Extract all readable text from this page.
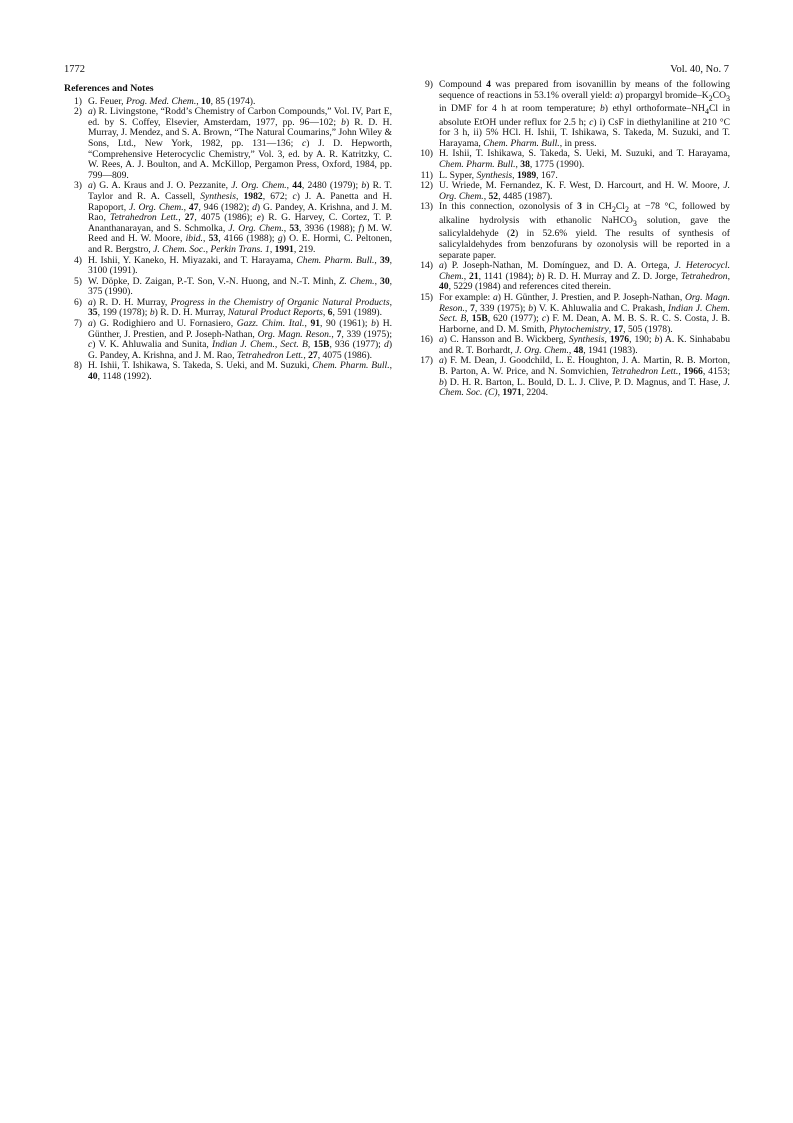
1772	Vol. 40, No. 7
References and Notes
1) G. Feuer, Prog. Med. Chem., 10, 85 (1974).
2) a) R. Livingstone, “Rodd’s Chemistry of Carbon Compounds,” Vol. IV, Part E, ed. by S. Coffey, Elsevier, Amsterdam, 1977, pp. 96—102; b) R. D. H. Murray, J. Mendez, and S. A. Brown, “The Natural Coumarins,” John Wiley & Sons, Ltd., New York, 1982, pp. 131—136; c) J. D. Hepworth, “Comprehensive Heterocyclic Chemistry,” Vol. 3, ed. by A. R. Katritzky, C. W. Rees, A. J. Boulton, and A. McKillop, Pergamon Press, Oxford, 1984, pp. 799—809.
3) a) G. A. Kraus and J. O. Pezzanite, J. Org. Chem., 44, 2480 (1979); b) R. T. Taylor and R. A. Cassell, Synthesis, 1982, 672; c) J. A. Panetta and H. Rapoport, J. Org. Chem., 47, 946 (1982); d) G. Pandey, A. Krishna, and J. M. Rao, Tetrahedron Lett., 27, 4075 (1986); e) R. G. Harvey, C. Cortez, T. P. Ananthanarayan, and S. Schmolka, J. Org. Chem., 53, 3936 (1988); f) M. W. Reed and H. W. Moore, ibid., 53, 4166 (1988); g) O. E. Hormi, C. Peltonen, and R. Bergstro, J. Chem. Soc., Perkin Trans. 1, 1991, 219.
4) H. Ishii, Y. Kaneko, H. Miyazaki, and T. Harayama, Chem. Pharm. Bull., 39, 3100 (1991).
5) W. Döpke, D. Zaigan, P.-T. Son, V.-N. Huong, and N.-T. Minh, Z. Chem., 30, 375 (1990).
6) a) R. D. H. Murray, Progress in the Chemistry of Organic Natural Products, 35, 199 (1978); b) R. D. H. Murray, Natural Product Reports, 6, 591 (1989).
7) a) G. Rodighiero and U. Fornasiero, Gazz. Chim. Ital., 91, 90 (1961); b) H. Günther, J. Prestien, and P. Joseph-Nathan, Org. Magn. Reson., 7, 339 (1975); c) V. K. Ahluwalia and Sunita, Indian J. Chem., Sect. B, 15B, 936 (1977); d) G. Pandey, A. Krishna, and J. M. Rao, Tetrahedron Lett., 27, 4075 (1986).
8) H. Ishii, T. Ishikawa, S. Takeda, S. Ueki, and M. Suzuki, Chem. Pharm. Bull., 40, 1148 (1992).
9) Compound 4 was prepared from isovanillin by means of the following sequence of reactions in 53.1% overall yield: a) propargyl bromide–$K_2CO_3$ in DMF for 4 h at room temperature; b) ethyl orthoformate–$NH_4Cl$ in absolute EtOH under reflux for 2.5 h; c) i) CsF in diethylaniline at 210 °C for 3 h, ii) 5% HCl. H. Ishii, T. Ishikawa, S. Takeda, M. Suzuki, and T. Harayama, Chem. Pharm. Bull., in press.
10) H. Ishii, T. Ishikawa, S. Takeda, S. Ueki, M. Suzuki, and T. Harayama, Chem. Pharm. Bull., 38, 1775 (1990).
11) L. Syper, Synthesis, 1989, 167.
12) U. Wriede, M. Fernandez, K. F. West, D. Harcourt, and H. W. Moore, J. Org. Chem., 52, 4485 (1987).
13) In this connection, ozonolysis of 3 in $CH_2Cl_2$ at −78 °C, followed by alkaline hydrolysis with ethanolic NaHCO$_3$ solution, gave the salicylaldehyde (2) in 52.6% yield. The results of synthesis of salicylaldehydes from benzofurans by ozonolysis will be reported in a separate paper.
14) a) P. Joseph-Nathan, M. Domínguez, and D. A. Ortega, J. Heterocycl. Chem., 21, 1141 (1984); b) R. D. H. Murray and Z. D. Jorge, Tetrahedron, 40, 5229 (1984) and references cited therein.
15) For example: a) H. Günther, J. Prestien, and P. Joseph-Nathan, Org. Magn. Reson., 7, 339 (1975); b) V. K. Ahluwalia and C. Prakash, Indian J. Chem. Sect. B, 15B, 620 (1977); c) F. M. Dean, A. M. B. S. R. C. S. Costa, J. B. Harborne, and D. M. Smith, Phytochemistry, 17, 505 (1978).
16) a) C. Hansson and B. Wickberg, Synthesis, 1976, 190; b) A. K. Sinhababu and R. T. Borhardt, J. Org. Chem., 48, 1941 (1983).
17) a) F. M. Dean, J. Goodchild, L. E. Houghton, J. A. Martin, R. B. Morton, B. Parton, A. W. Price, and N. Somvichien, Tetrahedron Lett., 1966, 4153; b) D. H. R. Barton, L. Bould, D. L. J. Clive, P. D. Magnus, and T. Hase, J. Chem. Soc. (C), 1971, 2204.
